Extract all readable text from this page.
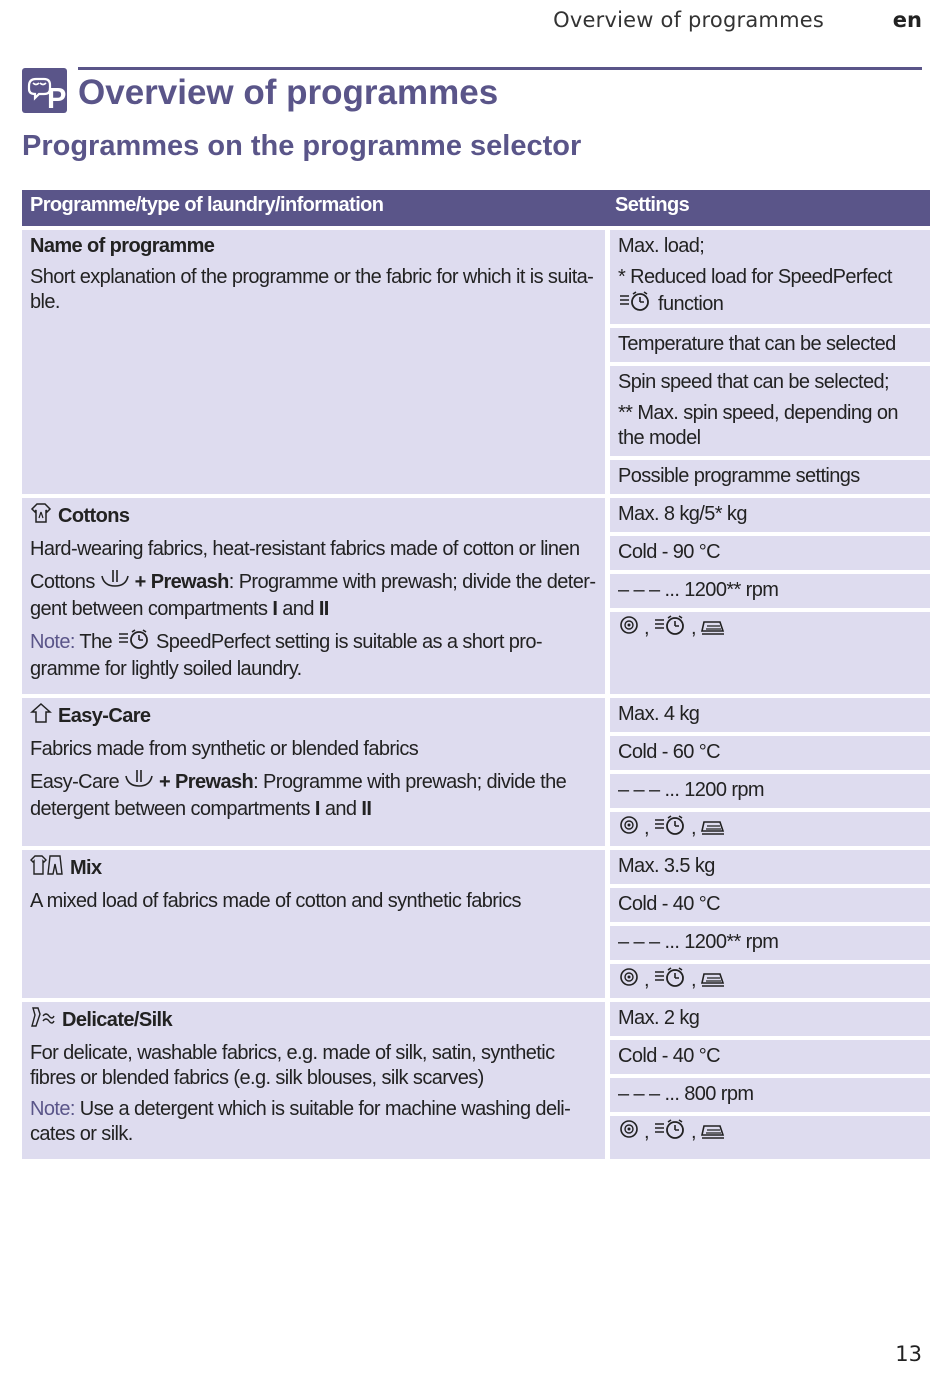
Overview of programmes	en
P Overview of programmes
Programmes on the programme selector
Programme/type of laundry/information	Settings
Name of programme
Short explanation of the programme or the fabric for which it is suita-ble.
Max. load;
* Reduced load for SpeedPerfect
function
Temperature that can be selected
Spin speed that can be selected;
** Max. spin speed, depending on the model
Possible programme settings
Cottons
Hard-wearing fabrics, heat-resistant fabrics made of cotton or linen
Cottons + Prewash: Programme with prewash; divide the deter-gent between compartments I and II
Note: The SpeedPerfect setting is suitable as a short pro-gramme for lightly soiled laundry.
Max. 8 kg/5* kg
Cold - 90 °C
– – – ... 1200** rpm
, ,
Easy-Care
Fabrics made from synthetic or blended fabrics
Easy-Care + Prewash: Programme with prewash; divide the detergent between compartments I and II
Max. 4 kg
Cold - 60 °C
– – – ... 1200 rpm
, ,
Mix
A mixed load of fabrics made of cotton and synthetic fabrics
Max. 3.5 kg
Cold - 40 °C
– – – ... 1200** rpm
, ,
Delicate/Silk
For delicate, washable fabrics, e.g. made of silk, satin, synthetic fibres or blended fabrics (e.g. silk blouses, silk scarves)
Note: Use a detergent which is suitable for machine washing deli-cates or silk.
Max. 2 kg
Cold - 40 °C
– – – ... 800 rpm
, ,
13
